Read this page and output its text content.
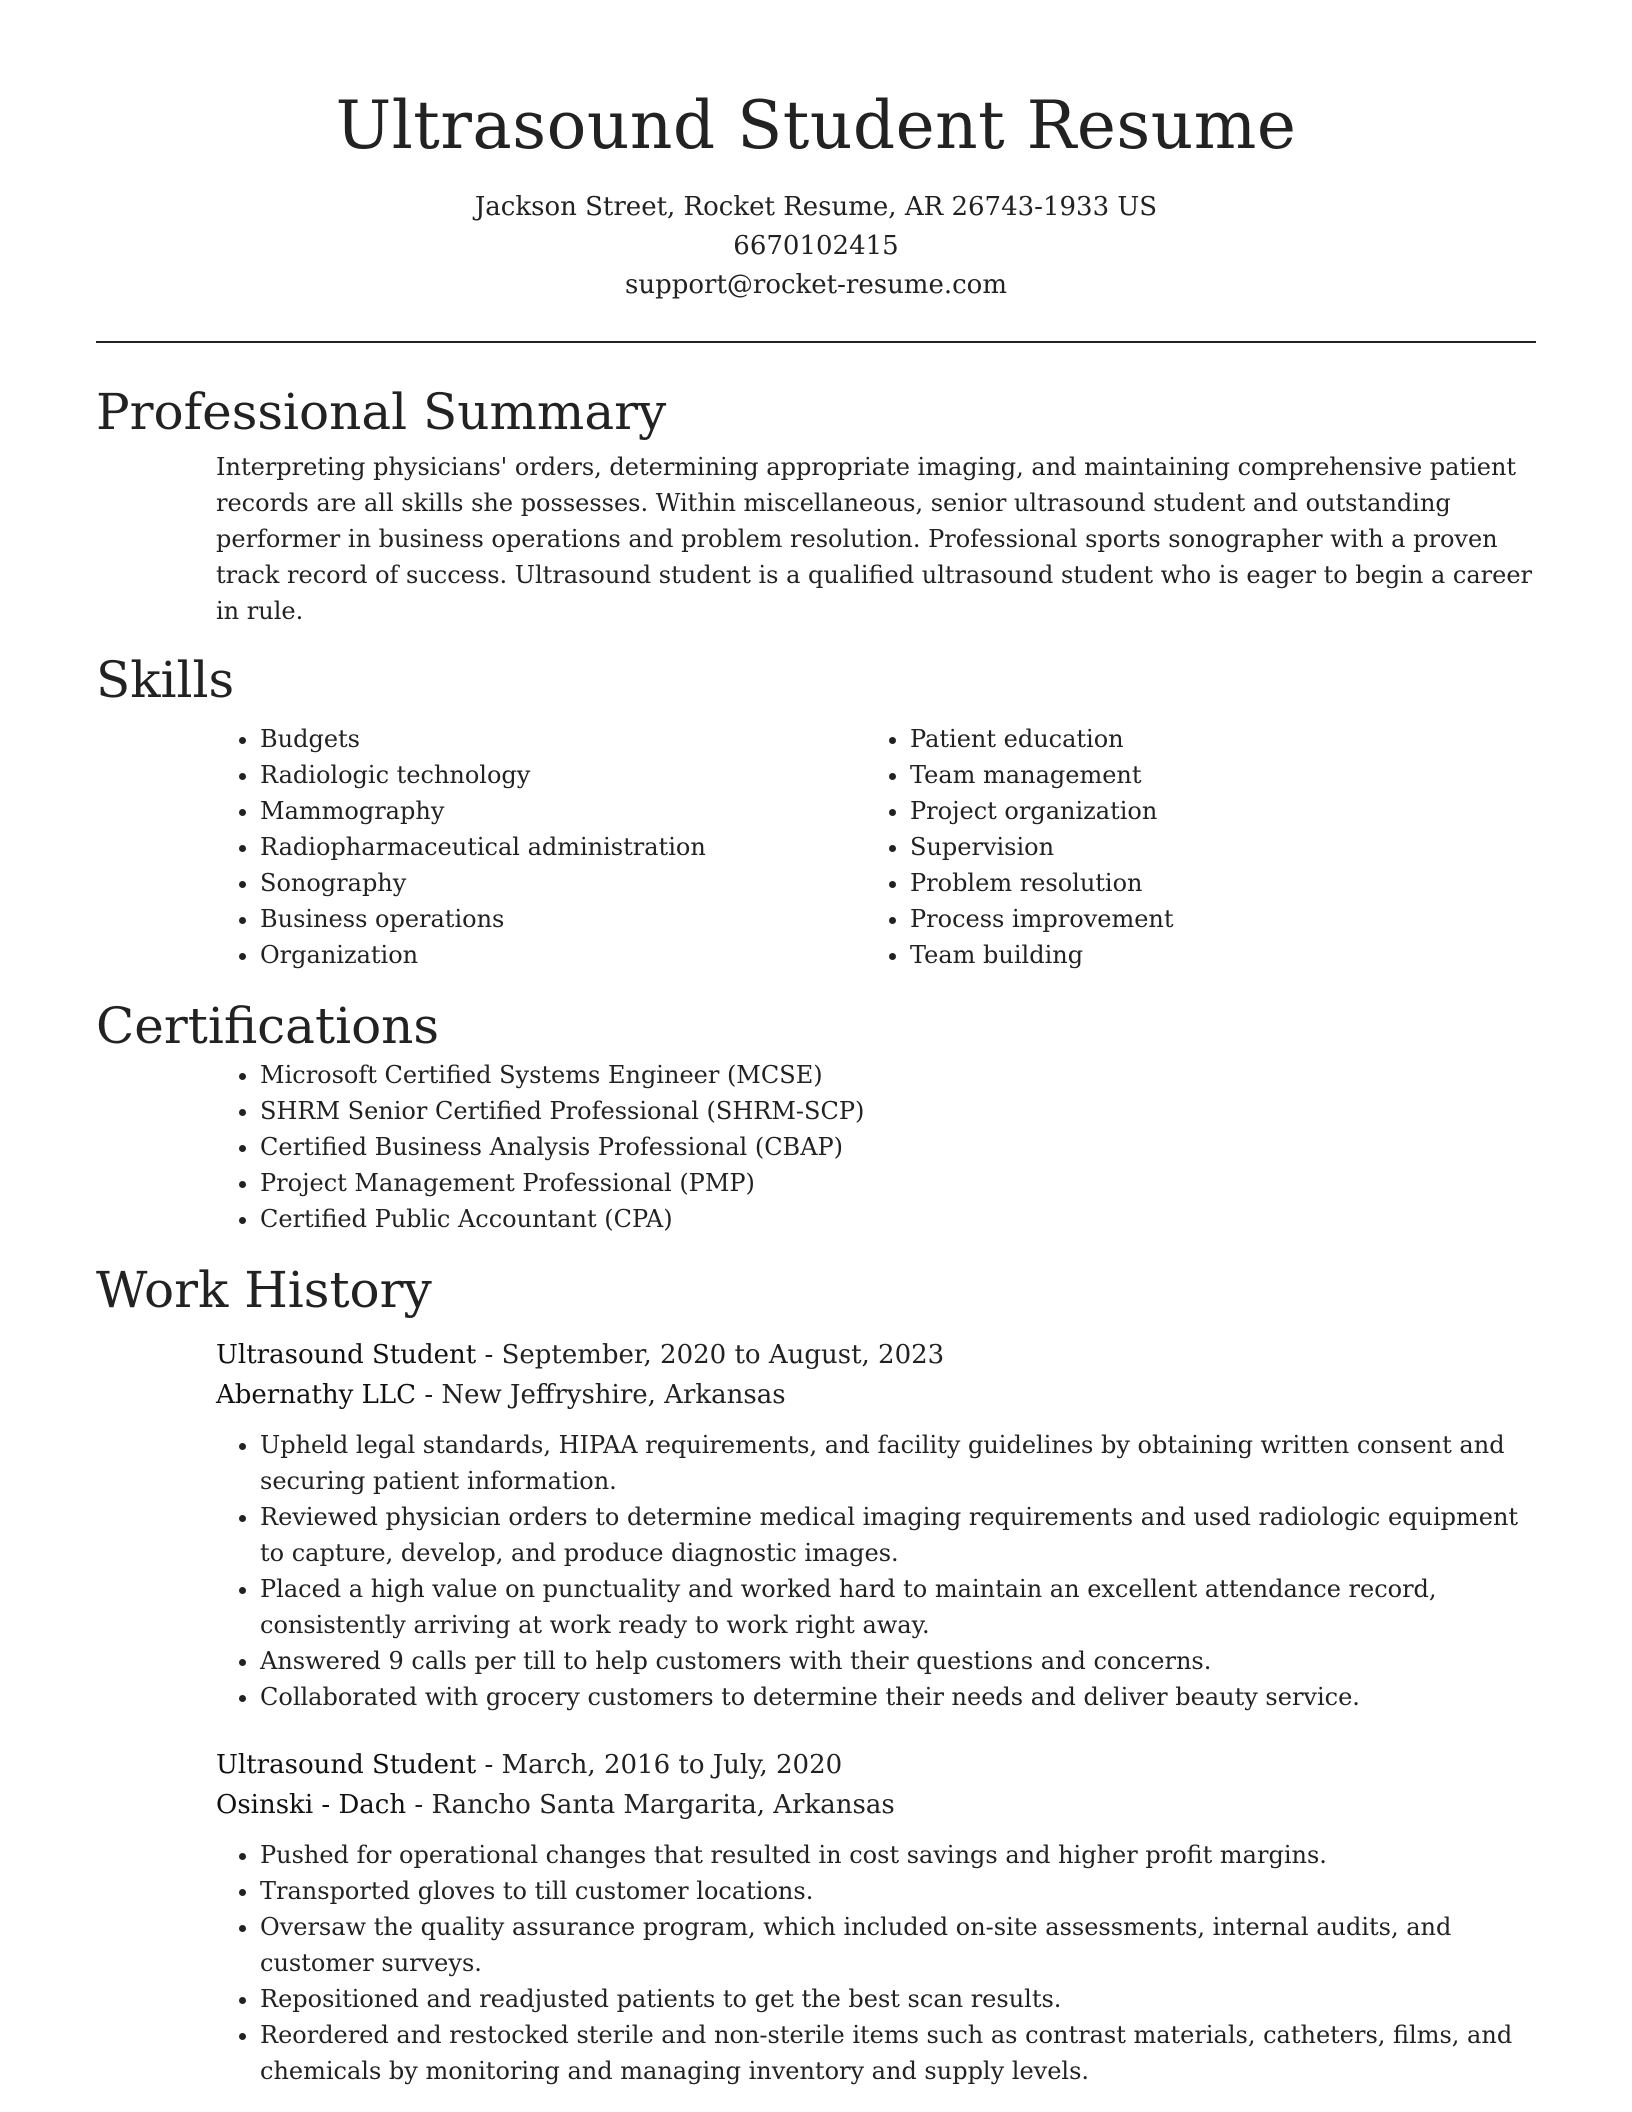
Ultrasound Student Resume
Jackson Street, Rocket Resume, AR 26743-1933 US
6670102415
support@rocket-resume.com
Professional Summary

Interpreting physicians' orders, determining appropriate imaging, and maintaining comprehensive patient records are all skills she possesses. Within miscellaneous, senior ultrasound student and outstanding performer in business operations and problem resolution. Professional sports sonographer with a proven track record of success. Ultrasound student is a qualified ultrasound student who is eager to begin a career in rule.

Skills
• Budgets
• Radiologic technology
• Mammography
• Radiopharmaceutical administration
• Sonography
• Business operations
• Organization
• Patient education
• Team management
• Project organization
• Supervision
• Problem resolution
• Process improvement
• Team building
Certifications
• Microsoft Certified Systems Engineer (MCSE)
• SHRM Senior Certified Professional (SHRM-SCP)
• Certified Business Analysis Professional (CBAP)
• Project Management Professional (PMP)
• Certified Public Accountant (CPA)
Work History
Ultrasound Student - September, 2020 to August, 2023
Abernathy LLC - New Jeffryshire, Arkansas
• Upheld legal standards, HIPAA requirements, and facility guidelines by obtaining written consent and securing patient information.
• Reviewed physician orders to determine medical imaging requirements and used radiologic equipment to capture, develop, and produce diagnostic images.
• Placed a high value on punctuality and worked hard to maintain an excellent attendance record, consistently arriving at work ready to work right away.
• Answered 9 calls per till to help customers with their questions and concerns.
• Collaborated with grocery customers to determine their needs and deliver beauty service.
Ultrasound Student - March, 2016 to July, 2020
Osinski - Dach - Rancho Santa Margarita, Arkansas
• Pushed for operational changes that resulted in cost savings and higher profit margins.
• Transported gloves to till customer locations.
• Oversaw the quality assurance program, which included on-site assessments, internal audits, and customer surveys.
• Repositioned and readjusted patients to get the best scan results.
• Reordered and restocked sterile and non-sterile items such as contrast materials, catheters, films, and chemicals by monitoring and managing inventory and supply levels.
